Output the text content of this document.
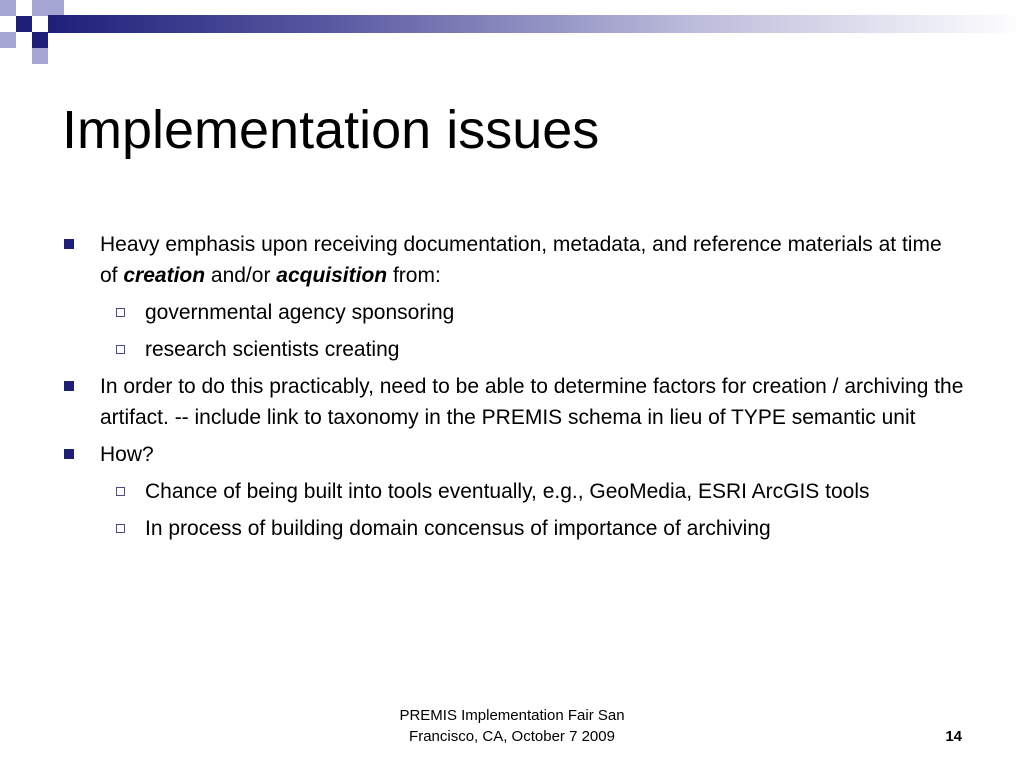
Implementation issues
Heavy emphasis upon receiving documentation, metadata, and reference materials at time of creation and/or acquisition from:
governmental agency sponsoring
research scientists creating
In order to do this practicably, need to be able to determine factors for creation / archiving the artifact. -- include link to taxonomy in the PREMIS schema in lieu of TYPE semantic unit
How?
Chance of being built into tools eventually, e.g., GeoMedia, ESRI ArcGIS tools
In process of building domain concensus of importance of archiving
PREMIS Implementation Fair San
Francisco, CA, October 7 2009	14
